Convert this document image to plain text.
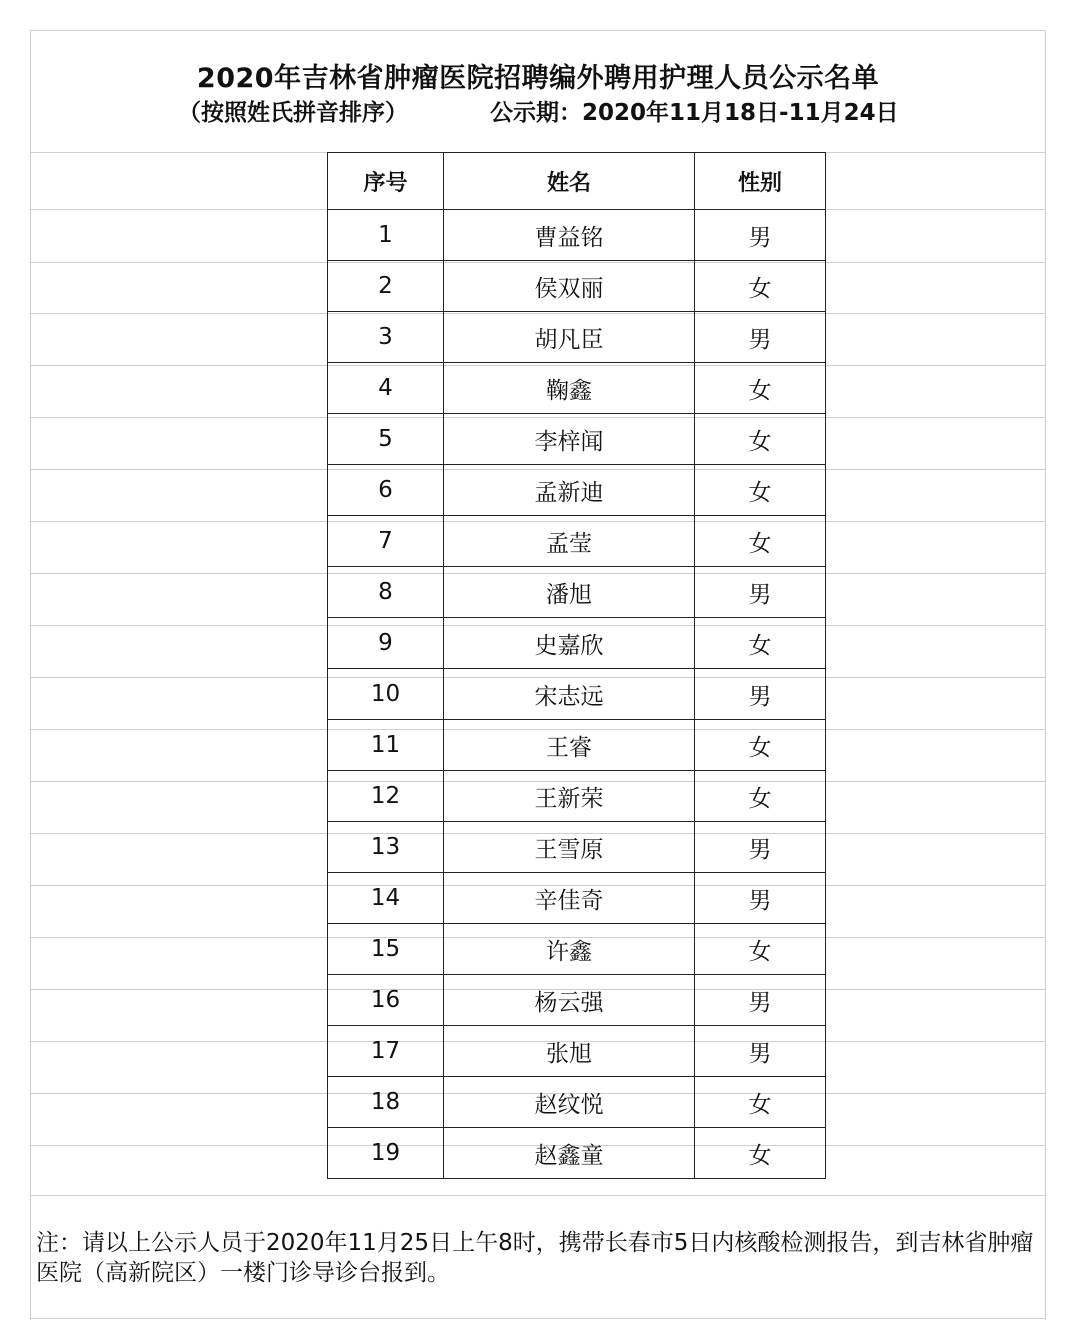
2020年吉林省肿瘤医院招聘编外聘用护理人员公示名单
（按照姓氏拼音排序）	公示期：2020年11月18日-11月24日
序号	姓名	性别
1	曹益铭	男
2	侯双丽	女
3	胡凡臣	男
4	鞠鑫	女
5	李梓闻	女
6	孟新迪	女
7	孟莹	女
8	潘旭	男
9	史嘉欣	女
10	宋志远	男
11	王睿	女
12	王新荣	女
13	王雪原	男
14	辛佳奇	男
15	许鑫	女
16	杨云强	男
17	张旭	男
18	赵纹悦	女
19	赵鑫童	女
注：请以上公示人员于2020年11月25日上午8时，携带长春市5日内核酸检测报告，到吉林省肿瘤医院（高新院区）一楼门诊导诊台报到。
